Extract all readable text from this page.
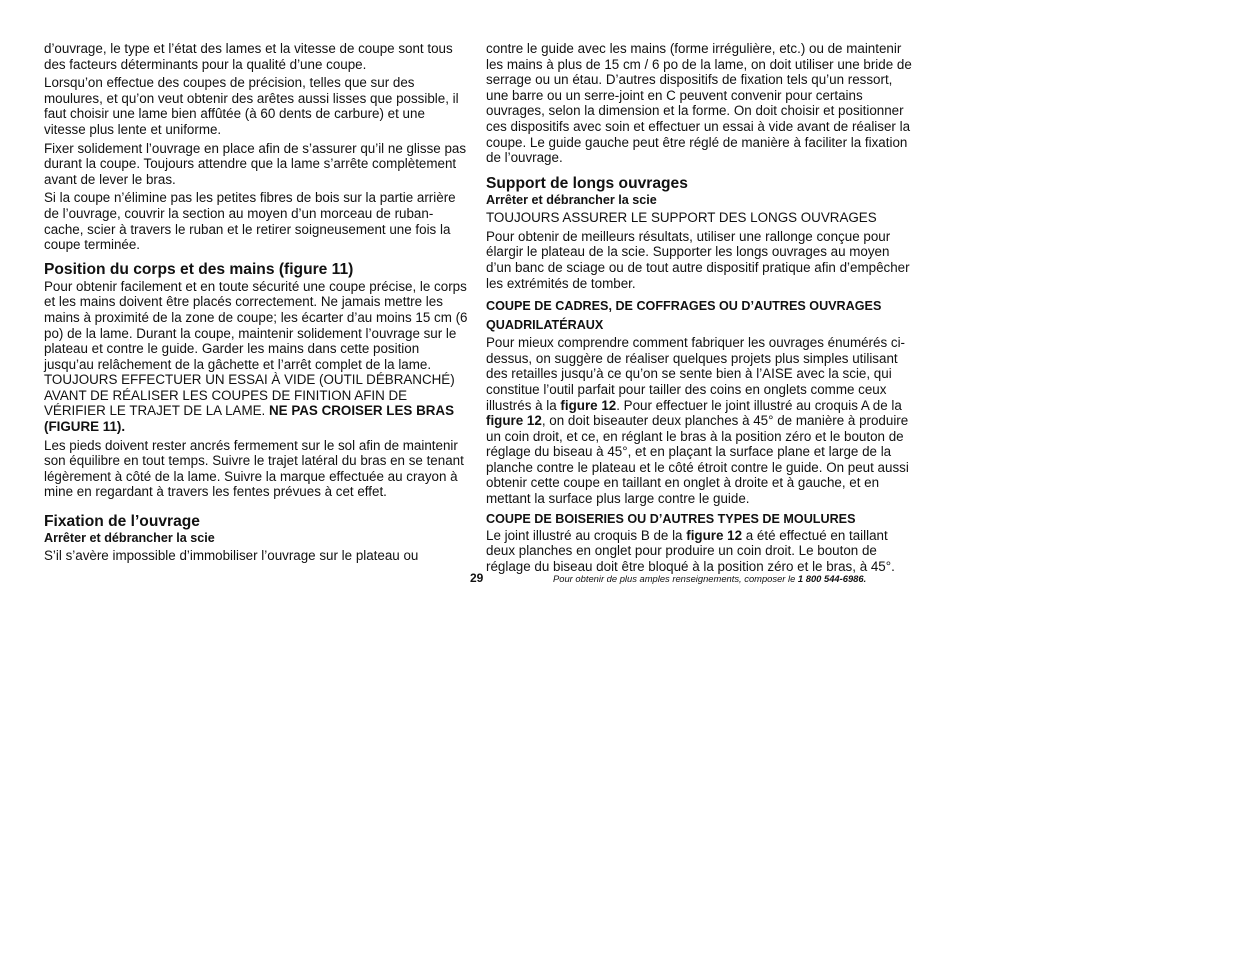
d’ouvrage, le type et l’état des lames et la vitesse de coupe sont tous des facteurs déterminants pour la qualité d’une coupe.

Lorsqu’on effectue des coupes de précision, telles que sur des moulures, et qu’on veut obtenir des arêtes aussi lisses que possible, il faut choisir une lame bien affûtée (à 60 dents de carbure) et une vitesse plus lente et uniforme.

Fixer solidement l’ouvrage en place afin de s’assurer qu’il ne glisse pas durant la coupe. Toujours attendre que la lame s’arrête complètement avant de lever le bras.

Si la coupe n’élimine pas les petites fibres de bois sur la partie arrière de l’ouvrage, couvrir la section au moyen d’un morceau de ruban-cache, scier à travers le ruban et le retirer soigneusement une fois la coupe terminée.

Position du corps et des mains (figure 11)

Pour obtenir facilement et en toute sécurité une coupe précise, le corps et les mains doivent être placés correctement. Ne jamais mettre les mains à proximité de la zone de coupe; les écarter d’au moins 15 cm (6 po) de la lame. Durant la coupe, maintenir solidement l’ouvrage sur le plateau et contre le guide. Garder les mains dans cette position jusqu’au relâchement de la gâchette et l’arrêt complet de la lame. TOUJOURS EFFECTUER UN ESSAI À VIDE (OUTIL DÉBRANCHÉ) AVANT DE RÉALISER LES COUPES DE FINITION AFIN DE VÉRIFIER LE TRAJET DE LA LAME. NE PAS CROISER LES BRAS (FIGURE 11).

Les pieds doivent rester ancrés fermement sur le sol afin de maintenir son équilibre en tout temps. Suivre le trajet latéral du bras en se tenant légèrement à côté de la lame. Suivre la marque effectuée au crayon à mine en regardant à travers les fentes prévues à cet effet.

Fixation de l’ouvrage
Arrêter et débrancher la scie

S’il s’avère impossible d’immobiliser l’ouvrage sur le plateau ou

contre le guide avec les mains (forme irrégulière, etc.) ou de maintenir les mains à plus de 15 cm / 6 po de la lame, on doit utiliser une bride de serrage ou un étau. D’autres dispositifs de fixation tels qu’un ressort, une barre ou un serre-joint en C peuvent convenir pour certains ouvrages, selon la dimension et la forme. On doit choisir et positionner ces dispositifs avec soin et effectuer un essai à vide avant de réaliser la coupe. Le guide gauche peut être réglé de manière à faciliter la fixation de l’ouvrage.

Support de longs ouvrages
Arrêter et débrancher la scie

TOUJOURS ASSURER LE SUPPORT DES LONGS OUVRAGES

Pour obtenir de meilleurs résultats, utiliser une rallonge conçue pour élargir le plateau de la scie. Supporter les longs ouvrages au moyen d’un banc de sciage ou de tout autre dispositif pratique afin d’empêcher les extrémités de tomber.

COUPE DE CADRES, DE COFFRAGES OU D’AUTRES OUVRAGES QUADRILATÉRAUX

Pour mieux comprendre comment fabriquer les ouvrages énumérés ci-dessus, on suggère de réaliser quelques projets plus simples utilisant des retailles jusqu’à ce qu’on se sente bien à l’AISE avec la scie, qui constitue l’outil parfait pour tailler des coins en onglets comme ceux illustrés à la figure 12. Pour effectuer le joint illustré au croquis A de la figure 12, on doit biseauter deux planches à 45° de manière à produire un coin droit, et ce, en réglant le bras à la position zéro et le bouton de réglage du biseau à 45°, et en plaçant la surface plane et large de la planche contre le plateau et le côté étroit contre le guide. On peut aussi obtenir cette coupe en taillant en onglet à droite et à gauche, et en mettant la surface plus large contre le guide.

COUPE DE BOISERIES OU D’AUTRES TYPES DE MOULURES

Le joint illustré au croquis B de la figure 12 a été effectué en taillant deux planches en onglet pour produire un coin droit. Le bouton de réglage du biseau doit être bloqué à la position zéro et le bras, à 45°.

29	Pour obtenir de plus amples renseignements, composer le 1 800 544-6986.
